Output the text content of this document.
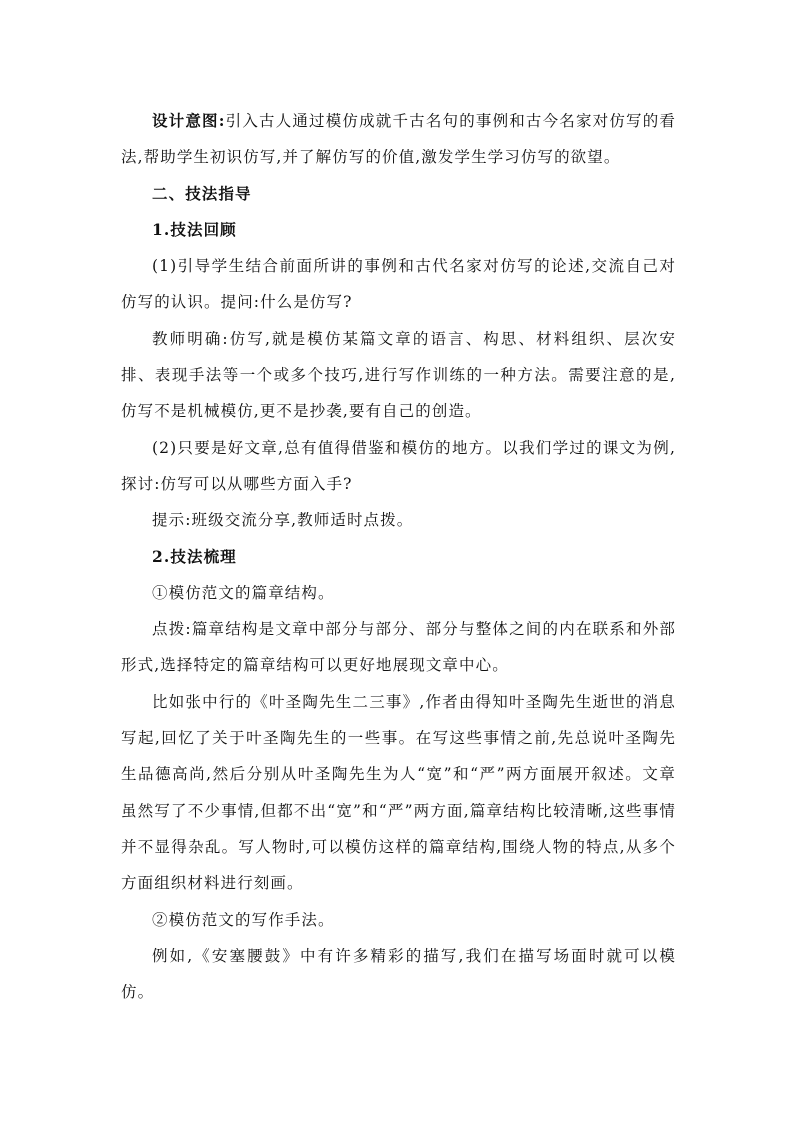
设计意图:引入古人通过模仿成就千古名句的事例和古今名家对仿写的看法,帮助学生初识仿写,并了解仿写的价值,激发学生学习仿写的欲望。

二、技法指导

1.技法回顾

(1)引导学生结合前面所讲的事例和古代名家对仿写的论述,交流自己对仿写的认识。提问:什么是仿写?

教师明确:仿写,就是模仿某篇文章的语言、构思、材料组织、层次安排、表现手法等一个或多个技巧,进行写作训练的一种方法。需要注意的是,仿写不是机械模仿,更不是抄袭,要有自己的创造。

(2)只要是好文章,总有值得借鉴和模仿的地方。以我们学过的课文为例,探讨:仿写可以从哪些方面入手?

提示:班级交流分享,教师适时点拨。

2.技法梳理

①模仿范文的篇章结构。

点拨:篇章结构是文章中部分与部分、部分与整体之间的内在联系和外部形式,选择特定的篇章结构可以更好地展现文章中心。

比如张中行的《叶圣陶先生二三事》,作者由得知叶圣陶先生逝世的消息写起,回忆了关于叶圣陶先生的一些事。在写这些事情之前,先总说叶圣陶先生品德高尚,然后分别从叶圣陶先生为人“宽”和“严”两方面展开叙述。文章虽然写了不少事情,但都不出“宽”和“严”两方面,篇章结构比较清晰,这些事情并不显得杂乱。写人物时,可以模仿这样的篇章结构,围绕人物的特点,从多个方面组织材料进行刻画。

②模仿范文的写作手法。

例如,《安塞腰鼓》中有许多精彩的描写,我们在描写场面时就可以模仿。
